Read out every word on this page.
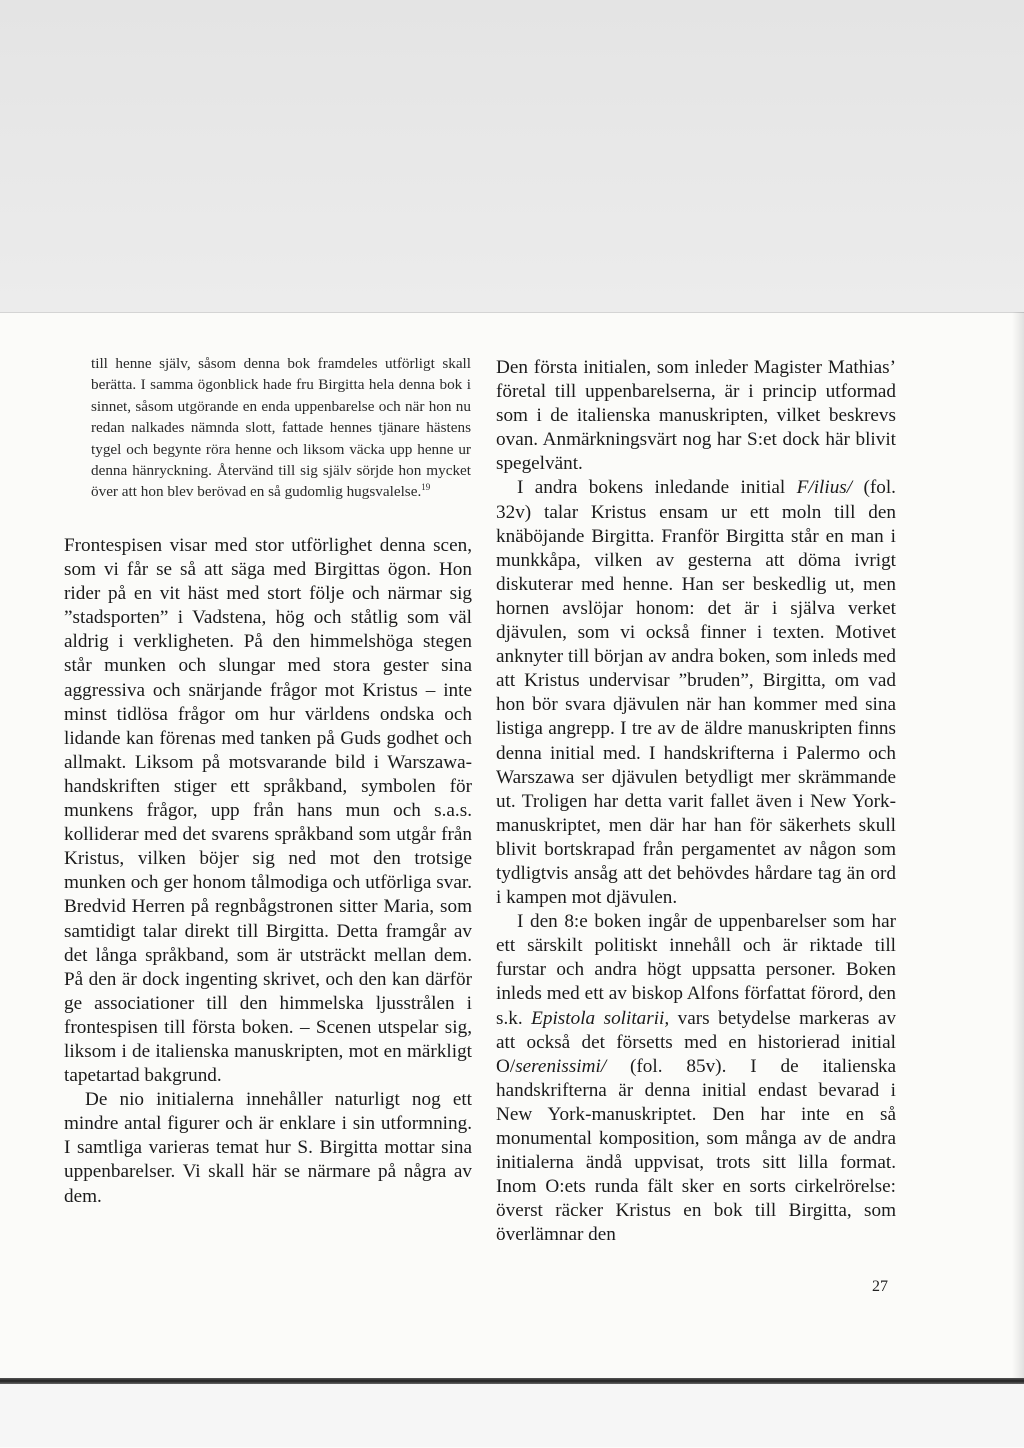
till henne själv, såsom denna bok framdeles utförligt skall berätta. I samma ögonblick hade fru Birgitta hela denna bok i sinnet, såsom utgörande en enda uppenbarelse och när hon nu redan nalkades nämnda slott, fattade hennes tjänare hästens tygel och begynte röra henne och liksom väcka upp henne ur denna hänryckning. Återvänd till sig själv sörjde hon mycket över att hon blev berövad en så gudomlig hugsvalelse.$^{19}$

Frontespisen visar med stor utförlighet denna scen, som vi får se så att säga med Birgittas ögon. Hon rider på en vit häst med stort följe och närmar sig ”stadsporten” i Vadstena, hög och ståtlig som väl aldrig i verkligheten. På den himmelshöga stegen står munken och slungar med stora gester sina aggressiva och snärjande frågor mot Kristus – inte minst tidlösa frågor om hur världens ondska och lidande kan förenas med tanken på Guds godhet och allmakt. Liksom på motsvarande bild i Warszawa-handskriften stiger ett språkband, symbolen för munkens frågor, upp från hans mun och s.a.s. kolliderar med det svarens språkband som utgår från Kristus, vilken böjer sig ned mot den trotsige munken och ger honom tålmodiga och utförliga svar. Bredvid Herren på regnbågstronen sitter Maria, som samtidigt talar direkt till Birgitta. Detta framgår av det långa språkband, som är utsträckt mellan dem. På den är dock ingenting skrivet, och den kan därför ge associationer till den himmelska ljusstrålen i frontespisen till första boken. – Scenen utspelar sig, liksom i de italienska manuskripten, mot en märkligt tapetartad bakgrund.

De nio initialerna innehåller naturligt nog ett mindre antal figurer och är enklare i sin utformning. I samtliga varieras temat hur S. Birgitta mottar sina uppenbarelser. Vi skall här se närmare på några av dem.

Den första initialen, som inleder Magister Mathias’ företal till uppenbarelserna, är i princip utformad som i de italienska manuskripten, vilket beskrevs ovan. Anmärkningsvärt nog har S:et dock här blivit spegelvänt.

I andra bokens inledande initial F/ilius/ (fol. 32v) talar Kristus ensam ur ett moln till den knäböjande Birgitta. Franför Birgitta står en man i munkkåpa, vilken av gesterna att döma ivrigt diskuterar med henne. Han ser beskedlig ut, men hornen avslöjar honom: det är i själva verket djävulen, som vi också finner i texten. Motivet anknyter till början av andra boken, som inleds med att Kristus undervisar ”bruden”, Birgitta, om vad hon bör svara djävulen när han kommer med sina listiga angrepp. I tre av de äldre manuskripten finns denna initial med. I handskrifterna i Palermo och Warszawa ser djävulen betydligt mer skrämmande ut. Troligen har detta varit fallet även i New York-manuskriptet, men där har han för säkerhets skull blivit bortskrapad från pergamentet av någon som tydligtvis ansåg att det behövdes hårdare tag än ord i kampen mot djävulen.

I den 8:e boken ingår de uppenbarelser som har ett särskilt politiskt innehåll och är riktade till furstar och andra högt uppsatta personer. Boken inleds med ett av biskop Alfons författat förord, den s.k. Epistola solitarii, vars betydelse markeras av att också det försetts med en historierad initial O/serenissimi/ (fol. 85v). I de italienska handskrifterna är denna initial endast bevarad i New York-manuskriptet. Den har inte en så monumental komposition, som många av de andra initialerna ändå uppvisat, trots sitt lilla format. Inom O:ets runda fält sker en sorts cirkelrörelse: överst räcker Kristus en bok till Birgitta, som överlämnar den

27
